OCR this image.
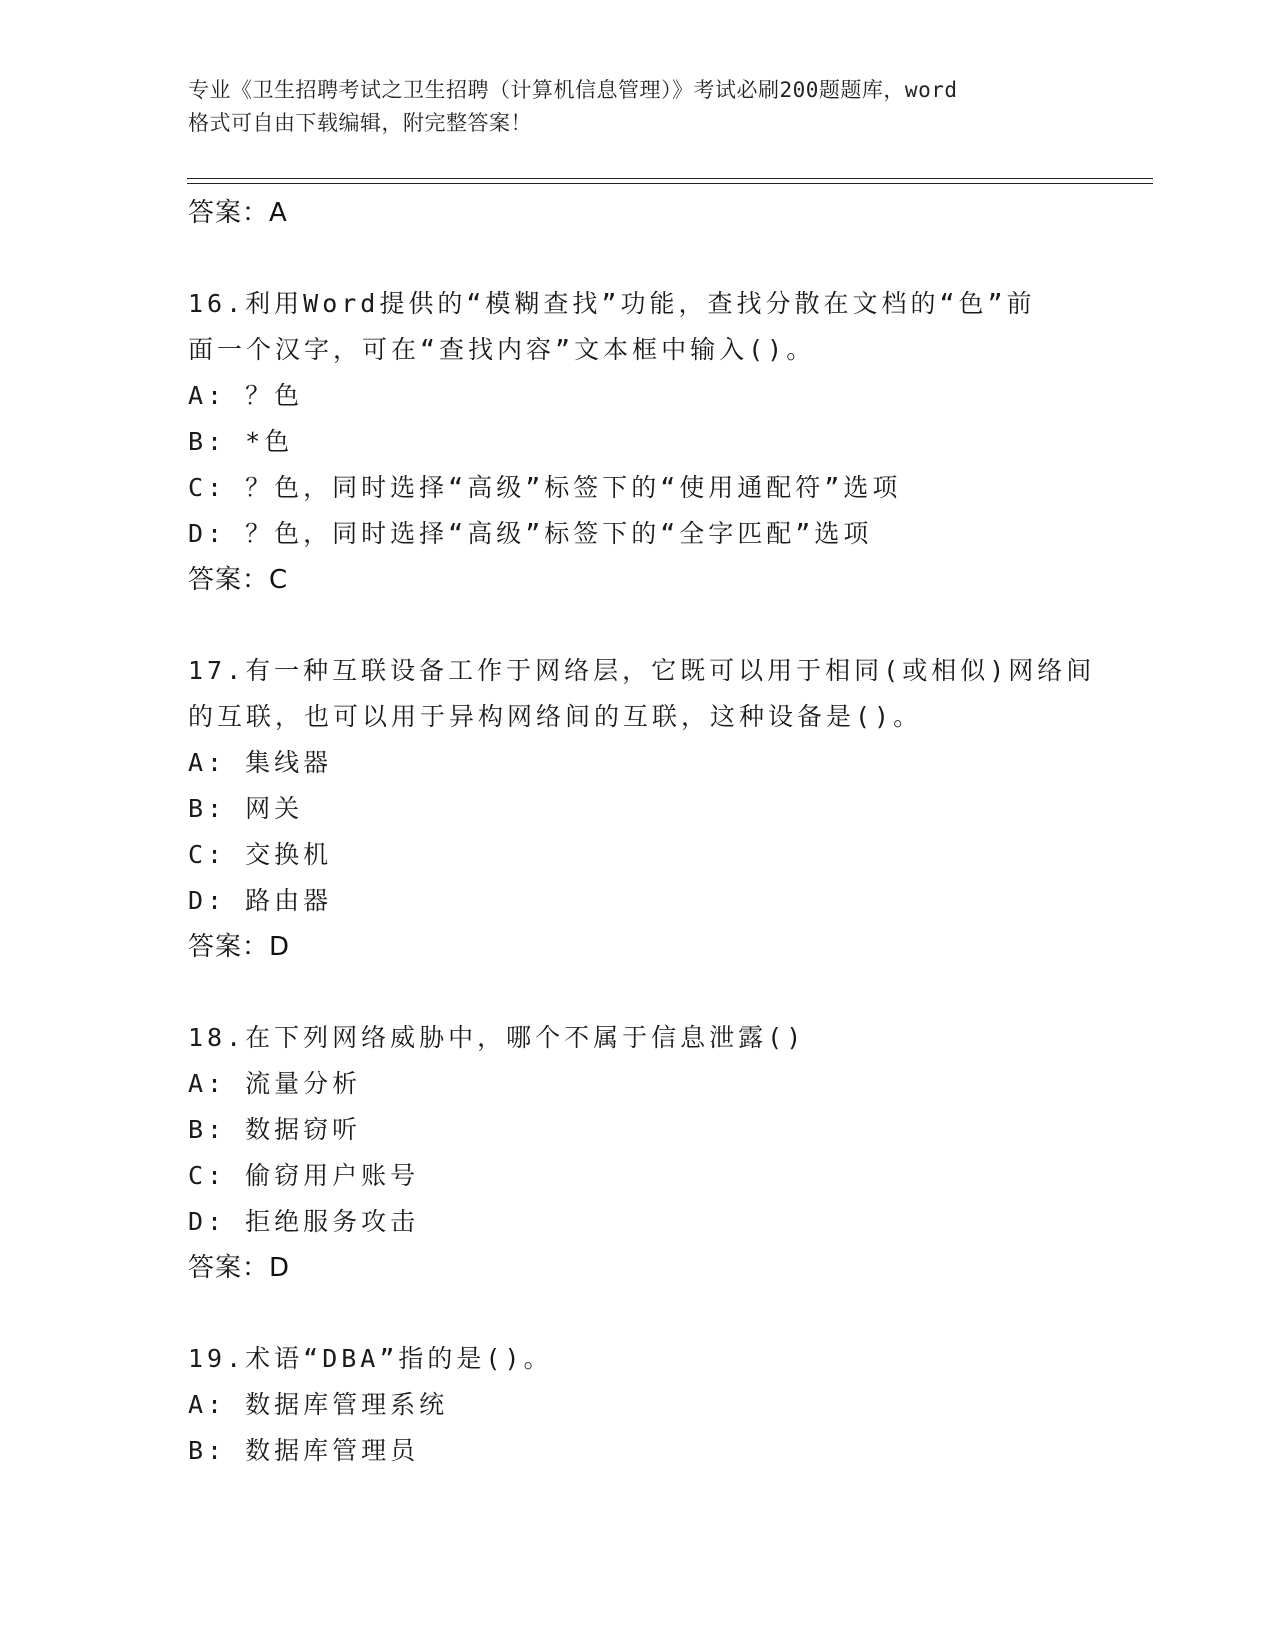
专业《卫生招聘考试之卫生招聘（计算机信息管理）》考试必刷200题题库，word
格式可自由下载编辑，附完整答案！
答案：A
16.利用Word提供的“模糊查找”功能，查找分散在文档的“色”前
面一个汉字，可在“查找内容”文本框中输入()。
A: ？色
B: *色
C: ？色，同时选择“高级”标签下的“使用通配符”选项
D: ？色，同时选择“高级”标签下的“全字匹配”选项
答案：C
17.有一种互联设备工作于网络层，它既可以用于相同(或相似)网络间
的互联，也可以用于异构网络间的互联，这种设备是()。
A: 集线器
B: 网关
C: 交换机
D: 路由器
答案：D
18.在下列网络威胁中，哪个不属于信息泄露()
A: 流量分析
B: 数据窃听
C: 偷窃用户账号
D: 拒绝服务攻击
答案：D
19.术语“DBA”指的是()。
A: 数据库管理系统
B: 数据库管理员
